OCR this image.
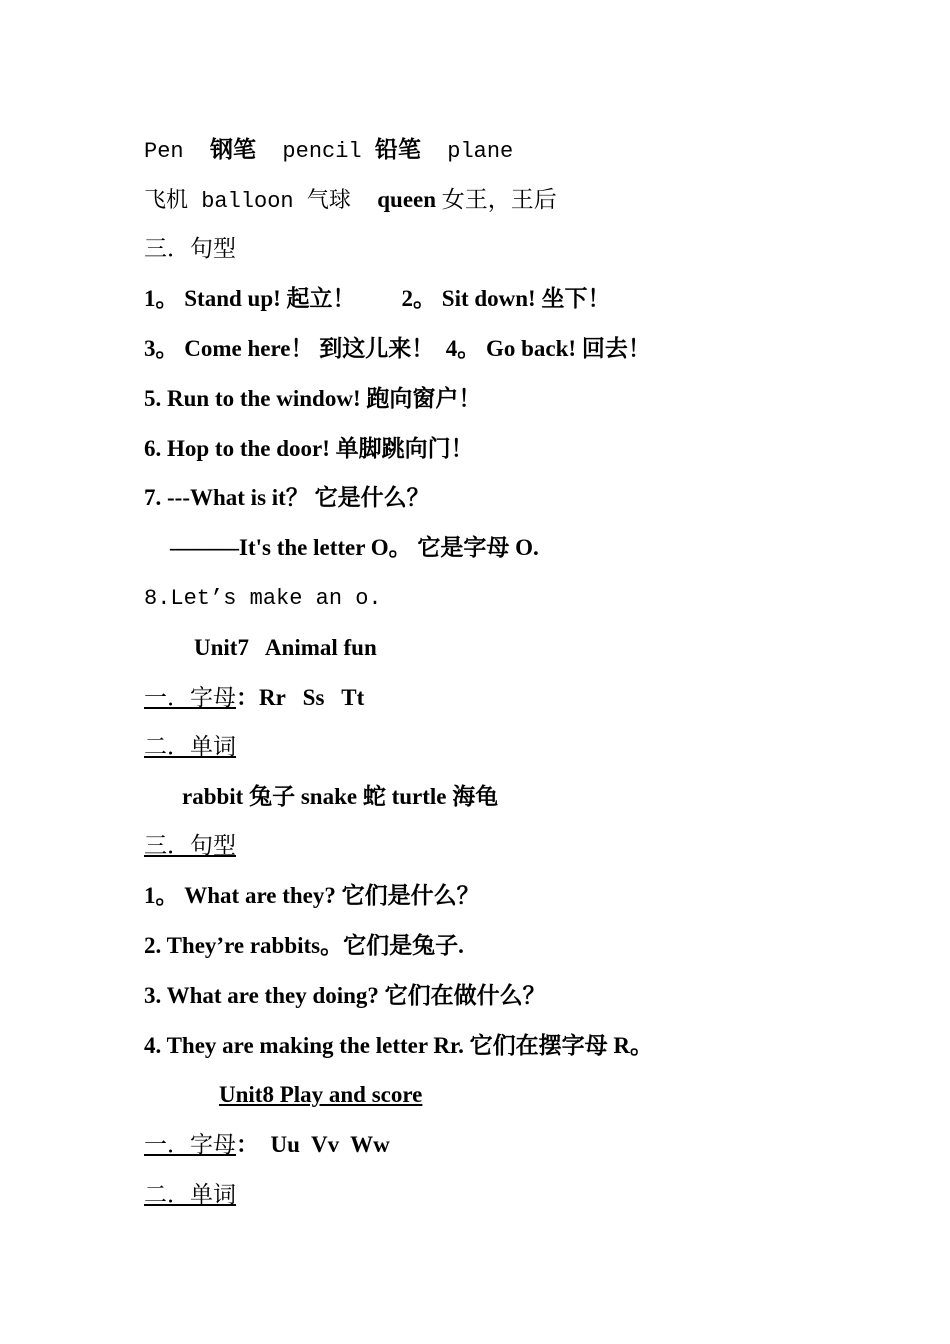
Pen  钢笔  pencil 铅笔  plane
飞机 balloon 气球  queen 女王，王后
三．句型
1。 Stand up! 起立！        2。 Sit down! 坐下！
3。 Come here！ 到这儿来！  4。 Go back! 回去！
5. Run to the window! 跑向窗户！
6. Hop to the door! 单脚跳向门！
7. ---What is it？ 它是什么？
———It's the letter O。 它是字母 O.
8.Let’s make an o.
Unit7   Animal fun
一．字母：Rr   Ss   Tt
二．单词
rabbit 兔子 snake 蛇 turtle 海龟
三．句型
1。 What are they? 它们是什么？
2. They’re rabbits。它们是兔子.
3. What are they doing? 它们在做什么？
4. They are making the letter Rr. 它们在摆字母 R。
Unit8 Play and score
一．字母：  Uu  Vv  Ww
二．单词
